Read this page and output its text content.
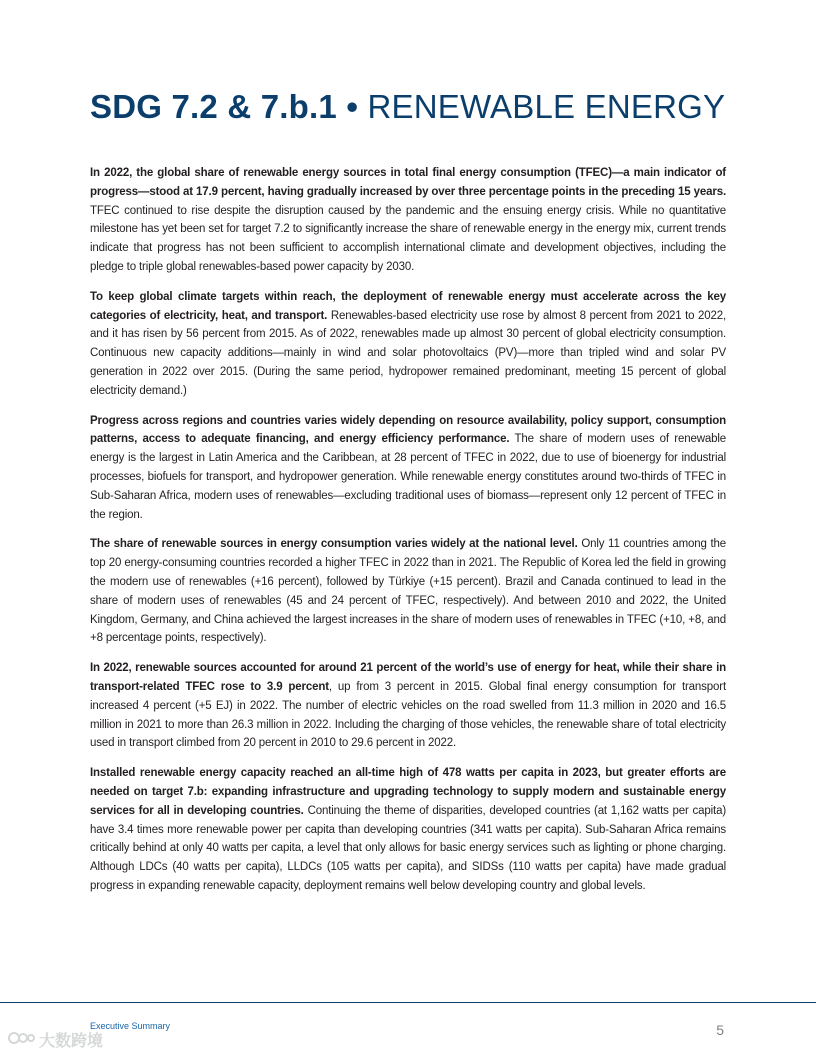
SDG 7.2 & 7.b.1 • RENEWABLE ENERGY

In 2022, the global share of renewable energy sources in total final energy consumption (TFEC)—a main indicator of progress—stood at 17.9 percent, having gradually increased by over three percentage points in the preceding 15 years. TFEC continued to rise despite the disruption caused by the pandemic and the ensuing energy crisis. While no quantitative milestone has yet been set for target 7.2 to significantly increase the share of renewable energy in the energy mix, current trends indicate that progress has not been sufficient to accomplish international climate and development objectives, including the pledge to triple global renewables-based power capacity by 2030.

To keep global climate targets within reach, the deployment of renewable energy must accelerate across the key categories of electricity, heat, and transport. Renewables-based electricity use rose by almost 8 percent from 2021 to 2022, and it has risen by 56 percent from 2015. As of 2022, renewables made up almost 30 percent of global electricity consumption. Continuous new capacity additions—mainly in wind and solar photovoltaics (PV)—more than tripled wind and solar PV generation in 2022 over 2015. (During the same period, hydropower remained predominant, meeting 15 percent of global electricity demand.)

Progress across regions and countries varies widely depending on resource availability, policy support, consumption patterns, access to adequate financing, and energy efficiency performance. The share of modern uses of renewable energy is the largest in Latin America and the Caribbean, at 28 percent of TFEC in 2022, due to use of bioenergy for industrial processes, biofuels for transport, and hydropower generation. While renewable energy constitutes around two-thirds of TFEC in Sub-Saharan Africa, modern uses of renewables—excluding traditional uses of biomass—represent only 12 percent of TFEC in the region.

The share of renewable sources in energy consumption varies widely at the national level. Only 11 countries among the top 20 energy-consuming countries recorded a higher TFEC in 2022 than in 2021. The Republic of Korea led the field in growing the modern use of renewables (+16 percent), followed by Türkiye (+15 percent). Brazil and Canada continued to lead in the share of modern uses of renewables (45 and 24 percent of TFEC, respectively). And between 2010 and 2022, the United Kingdom, Germany, and China achieved the largest increases in the share of modern uses of renewables in TFEC (+10, +8, and +8 percentage points, respectively).

In 2022, renewable sources accounted for around 21 percent of the world’s use of energy for heat, while their share in transport-related TFEC rose to 3.9 percent, up from 3 percent in 2015. Global final energy consumption for transport increased 4 percent (+5 EJ) in 2022. The number of electric vehicles on the road swelled from 11.3 million in 2020 and 16.5 million in 2021 to more than 26.3 million in 2022. Including the charging of those vehicles, the renewable share of total electricity used in transport climbed from 20 percent in 2010 to 29.6 percent in 2022.

Installed renewable energy capacity reached an all-time high of 478 watts per capita in 2023, but greater efforts are needed on target 7.b: expanding infrastructure and upgrading technology to supply modern and sustainable energy services for all in developing countries. Continuing the theme of disparities, developed countries (at 1,162 watts per capita) have 3.4 times more renewable power per capita than developing countries (341 watts per capita). Sub-Saharan Africa remains critically behind at only 40 watts per capita, a level that only allows for basic energy services such as lighting or phone charging. Although LDCs (40 watts per capita), LLDCs (105 watts per capita), and SIDSs (110 watts per capita) have made gradual progress in expanding renewable capacity, deployment remains well below developing country and global levels.

Executive Summary	5
大数跨境
